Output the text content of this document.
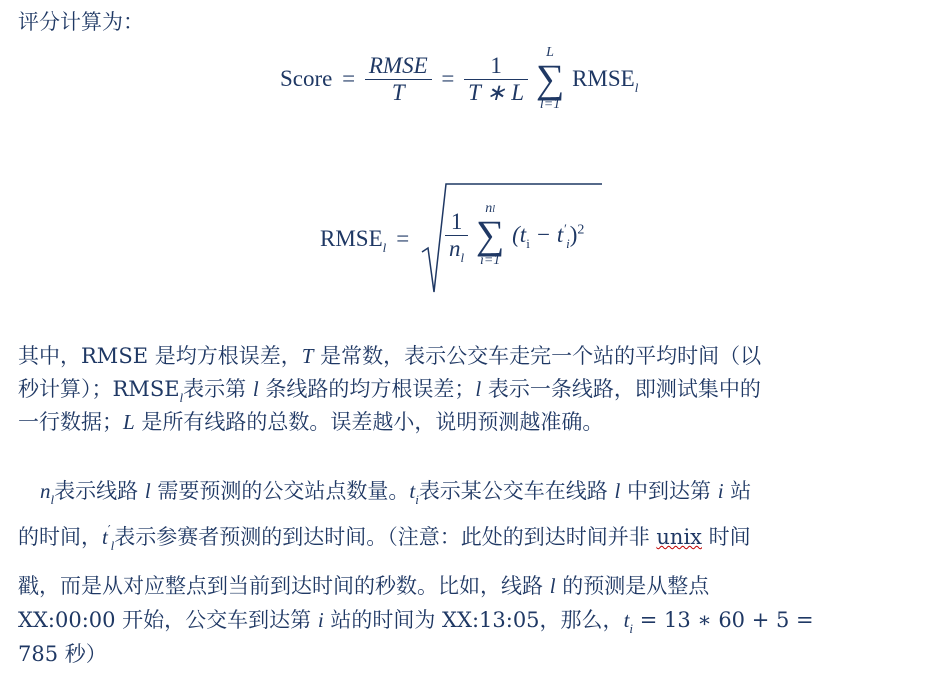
评分计算为：
Score = $\frac{\text{RMSE}}{T} = \frac{1}{T ∗ L}$
	L
∑
l=1
$RMSE_l$
$RMSE_l = \frac{1}{n_l}$
	nl
∑
i=1
$(t_i - t'_i)^2$
其中，RMSE 是均方根误差，T 是常数，表示公交车走完一个站的平均时间（以
秒计算）；$RMSE_l$表示第 l 条线路的均方根误差；l 表示一条线路，即测试集中的
一行数据；L 是所有线路的总数。误差越小，说明预测越准确。
$n_l$表示线路 l 需要预测的公交站点数量。$t_i$表示某公交车在线路 l 中到达第 i 站
的时间，$t'_l$表示参赛者预测的到达时间。（注意：此处的到达时间并非 unix 时间
戳，而是从对应整点到当前到达时间的秒数。比如，线路 l 的预测是从整点
XX:00:00 开始，公交车到达第 i 站的时间为 XX:13:05，那么，$t_i = 13$ ∗ 60 + 5 =
785 秒）
